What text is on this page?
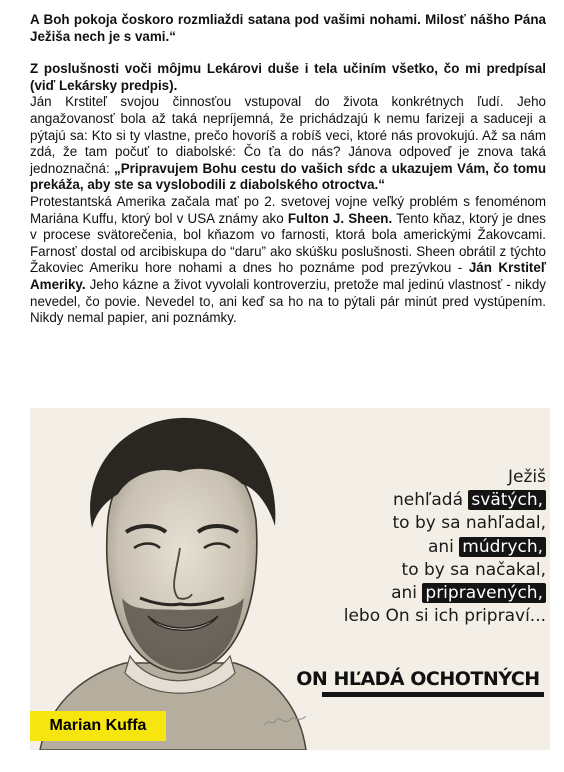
A Boh pokoja čoskoro rozmliaždi satana pod vašimi nohami. Milosť nášho Pána Ježiša nech je s vami.“

Z poslušnosti voči môjmu Lekárovi duše i tela učiním všetko, čo mi predpísal (viď Lekársky predpis).

Ján Krstiteľ svojou činnosťou vstupoval do života konkrétnych ľudí. Jeho angažovanosť bola až taká nepríjemná, že prichádzajú k nemu farizeji a saduceji a pýtajú sa: Kto si ty vlastne, prečo hovoríš a robíš veci, ktoré nás provokujú. Až sa nám zdá, že tam počuť to diabolské: Čo ťa do nás? Jánova odpoveď je znova taká jednoznačná: „Pripravujem Bohu cestu do vašich sŕdc a ukazujem Vám, čo tomu prekáža, aby ste sa vyslobodili z diabolského otroctva.“

Protestantská Amerika začala mať po 2. svetovej vojne veľký problém s fenoménom Mariána Kuffu, ktorý bol v USA známy ako Fulton J. Sheen. Tento kňaz, ktorý je dnes v procese svätorečenia, bol kňazom vo farnosti, ktorá bola americkými Žakovcami. Farnosť dostal od arcibiskupa do “daru” ako skúšku poslušnosti. Sheen obrátil z týchto Žakoviec Ameriku hore nohami a dnes ho poznáme pod prezývkou - Ján Krstiteľ Ameriky. Jeho kázne a život vyvolali kontroverziu, pretože mal jedinú vlastnosť - nikdy nevedel, čo povie. Nevedel to, ani keď sa ho na to pýtali pár minút pred vystúpením. Nikdy nemal papier, ani poznámky.

Ježiš
nehľadá svätých,
to by sa nahľadal,
ani múdrych,
to by sa načakal,
ani pripravených,
lebo On si ich pripraví...
ON HĽADÁ OCHOTNÝCH
Marian Kuffa
